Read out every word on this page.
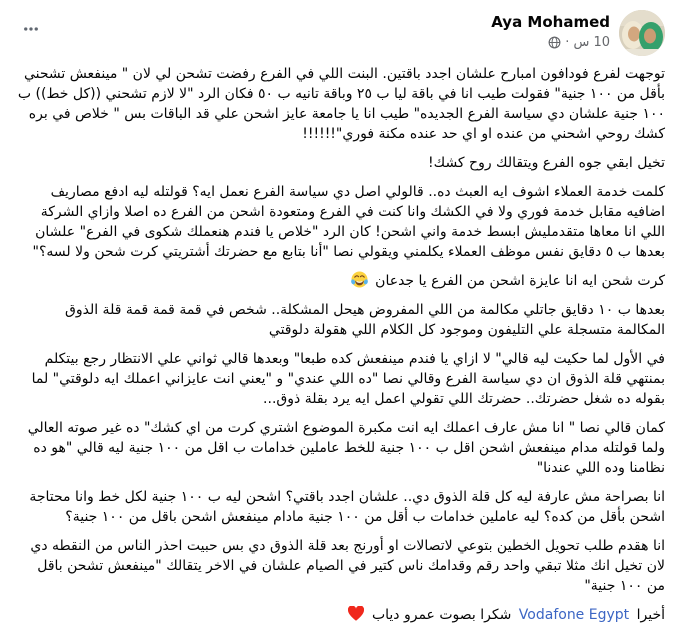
Aya Mohamed
10 س
·

توجهت لفرع فودافون امبارح علشان اجدد باقتين. البنت اللي في الفرع رفضت تشحن لي لان " مينفعش تشحني بأقل من ١٠٠ جنية" فقولت طيب انا في باقة ليا ب ٢٥ وباقة تانيه ب ٥٠ فكان الرد "لا لازم تشحني ((كل خط)) ب ١٠٠ جنية علشان دي سياسة الفرع الجديده" طيب انا يا جامعة عايز اشحن علي قد الباقات بس " خلاص في بره كشك روحي اشحني من عنده او اي حد عنده مكنة فوري"!!!!!!

تخيل ابقي جوه الفرع ويتقالك روح كشك!

كلمت خدمة العملاء اشوف ايه العبث ده.. قالولي اصل دي سياسة الفرع نعمل ايه؟ قولتله ليه ادفع مصاريف اضافيه مقابل خدمة فوري ولا في الكشك وانا كنت في الفرع ومتعودة اشحن من الفرع ده اصلا وازاي الشركة اللي انا معاها متقدمليش ابسط خدمة واني اشحن! كان الرد "خلاص يا فندم هنعملك شكوى في الفرع" علشان بعدها ب ٥ دقايق نفس موظف العملاء يكلمني ويقولي نصا "أنا بتابع مع حضرتك أشتريتي كرت شحن ولا لسه؟"

كرت شحن ايه انا عايزة اشحن من الفرع يا جدعان

بعدها ب ١٠ دقايق جاتلي مكالمة من اللي المفروض هيحل المشكلة.. شخص في قمة قمة قمة قلة الذوق المكالمة متسجلة علي التليفون وموجود كل الكلام اللي هقولة دلوقتي

في الأول لما حكيت ليه قالي" لا ازاي يا فندم مينفعش كده طبعا" وبعدها قالي ثواني علي الانتظار رجع بيتكلم بمنتهي قلة الذوق ان دي سياسة الفرع وقالي نصا "ده اللي عندي" و "يعني انت عايزاني اعملك ايه دلوقتي" لما بقوله ده شغل حضرتك.. حضرتك اللي تقولي اعمل ايه يرد بقلة ذوق...

كمان قالي نصا " انا مش عارف اعملك ايه انت مكبرة الموضوع اشتري كرت من اي كشك" ده غير صوته العالي ولما قولتله مدام مينفعش اشحن اقل ب ١٠٠ جنية للخط عاملين خدامات ب اقل من ١٠٠ جنية ليه قالي "هو ده نظامنا وده اللي عندنا"

انا بصراحة مش عارفة ليه كل قلة الذوق دي.. علشان اجدد باقتي؟ اشحن ليه ب ١٠٠ جنية لكل خط وانا محتاجة اشحن بأقل من كده؟ ليه عاملين خدامات ب أقل من ١٠٠ جنية مادام مينفعش اشحن باقل من ١٠٠ جنية؟

انا هقدم طلب تحويل الخطين بتوعي لاتصالات او أورنج بعد قلة الذوق دي بس حبيت احذر الناس من النقطه دي لان تخيل انك مثلا تبقي واحد رقم وقدامك ناس كتير في الصيام علشان في الاخر يتقالك "مينفعش تشحن باقل من ١٠٠ جنية"

أخيرا Vodafone Egypt شكرا بصوت عمرو دياب
